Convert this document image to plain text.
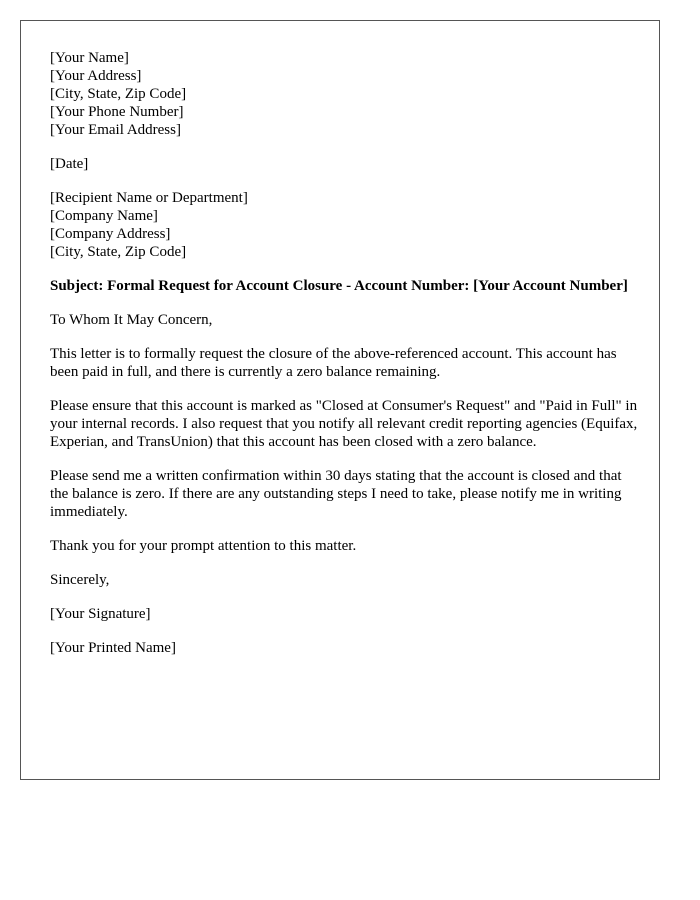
[Your Name]
[Your Address]
[City, State, Zip Code]
[Your Phone Number]
[Your Email Address]
[Date]
[Recipient Name or Department]
[Company Name]
[Company Address]
[City, State, Zip Code]

Subject: Formal Request for Account Closure - Account Number: [Your Account Number]

To Whom It May Concern,

This letter is to formally request the closure of the above-referenced account. This account has been paid in full, and there is currently a zero balance remaining.

Please ensure that this account is marked as "Closed at Consumer's Request" and "Paid in Full" in your internal records. I also request that you notify all relevant credit reporting agencies (Equifax, Experian, and TransUnion) that this account has been closed with a zero balance.

Please send me a written confirmation within 30 days stating that the account is closed and that the balance is zero. If there are any outstanding steps I need to take, please notify me in writing immediately.

Thank you for your prompt attention to this matter.

Sincerely,

[Your Signature]

[Your Printed Name]
